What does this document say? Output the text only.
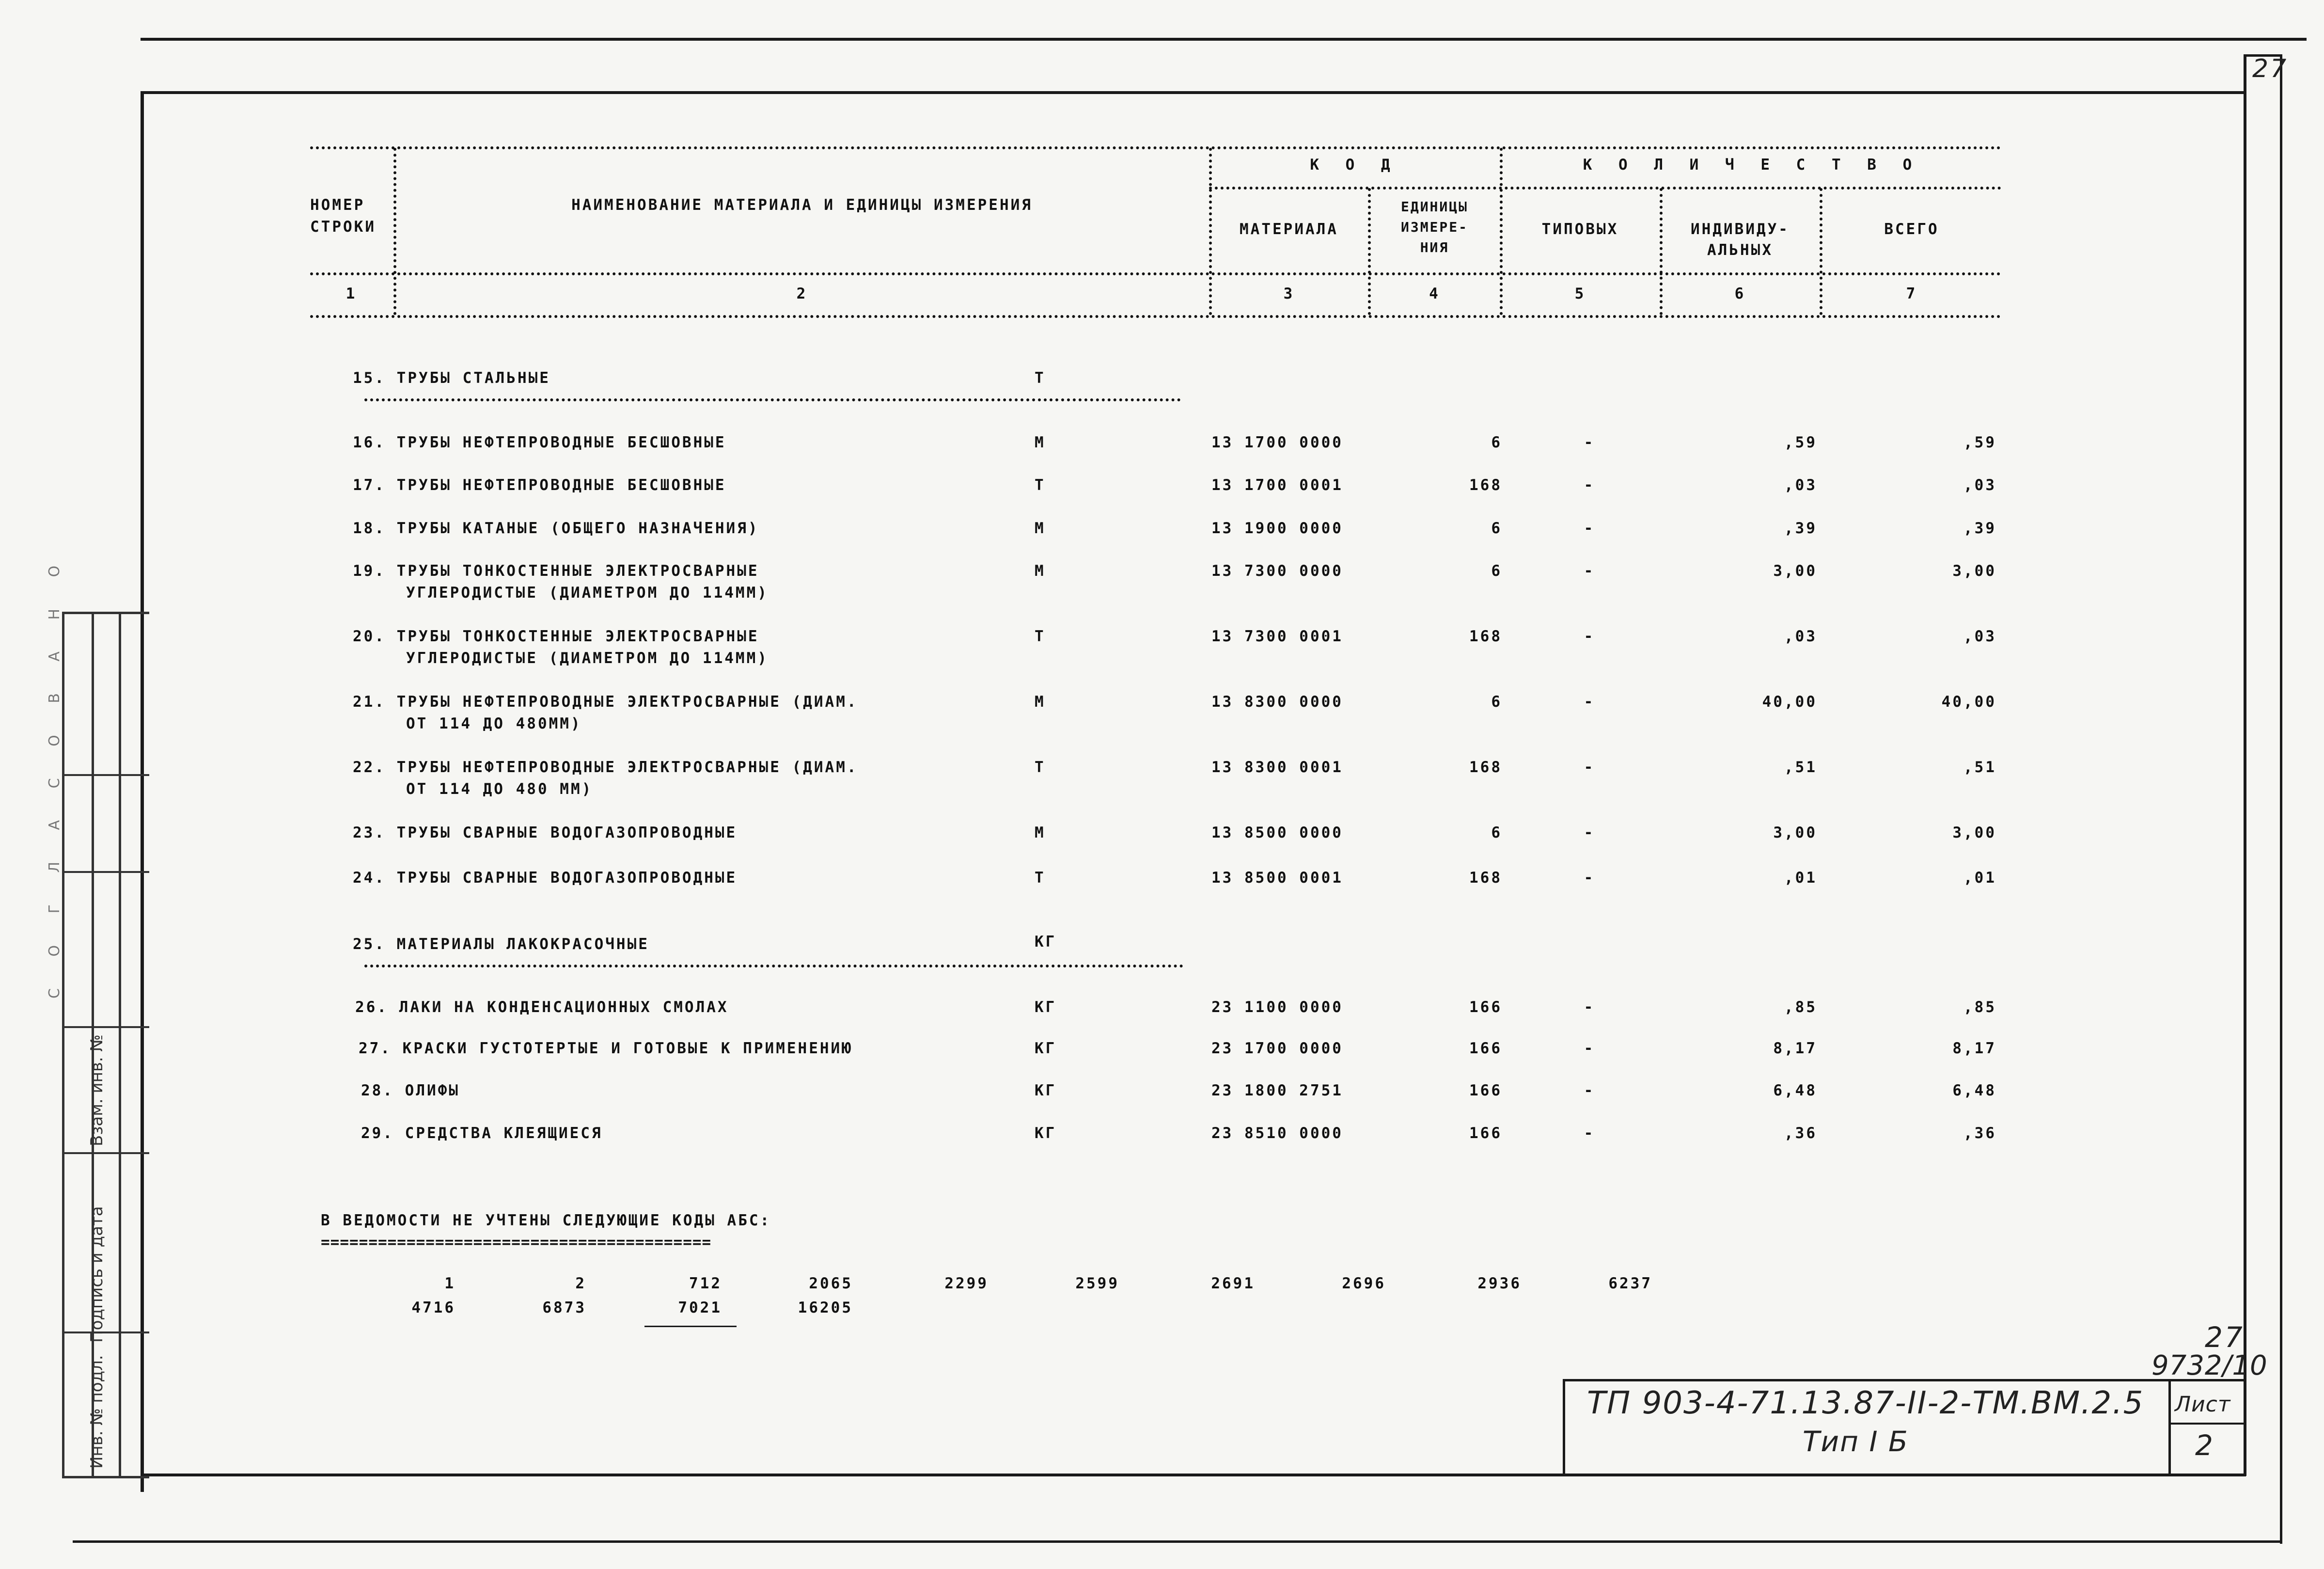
27
Инв. № подл.
Подпись и дата
Взам. инв. №
С О Г Л А С О В А Н О
НОМЕР
СТРОКИ
НАИМЕНОВАНИЕ МАТЕРИАЛА И ЕДИНИЦЫ ИЗМЕРЕНИЯ
К О Д	К О Л И Ч Е С Т В О
МАТЕРИАЛА
ЕДИНИЦЫ
ИЗМЕРЕ-
НИЯ
ТИПОВЫХ	ИНДИВИДУ-
АЛЬНЫХ
ВСЕГО
1	2	3	4	5	6	7
15. ТРУБЫ СТАЛЬНЫЕ	Т
16. ТРУБЫ НЕФТЕПРОВОДНЫЕ БЕСШОВНЫЕ	М	13 1700 0000	6	-	,59	,59
17. ТРУБЫ НЕФТЕПРОВОДНЫЕ БЕСШОВНЫЕ	Т	13 1700 0001	168	-	,03	,03
18. ТРУБЫ КАТАНЫЕ (ОБЩЕГО НАЗНАЧЕНИЯ)	М	13 1900 0000	6	-	,39	,39
19. ТРУБЫ ТОНКОСТЕННЫЕ ЭЛЕКТРОСВАРНЫЕ
УГЛЕРОДИСТЫЕ (ДИАМЕТРОМ ДО 114ММ)
М	13 7300 0000	6	-	3,00	3,00
20. ТРУБЫ ТОНКОСТЕННЫЕ ЭЛЕКТРОСВАРНЫЕ
УГЛЕРОДИСТЫЕ (ДИАМЕТРОМ ДО 114ММ)
Т	13 7300 0001	168	-	,03	,03
21. ТРУБЫ НЕФТЕПРОВОДНЫЕ ЭЛЕКТРОСВАРНЫЕ (ДИАМ.
ОТ 114 ДО 480ММ)
М	13 8300 0000	6	-	40,00	40,00
22. ТРУБЫ НЕФТЕПРОВОДНЫЕ ЭЛЕКТРОСВАРНЫЕ (ДИАМ.
ОТ 114 ДО 480 ММ)
Т	13 8300 0001	168	-	,51	,51
23. ТРУБЫ СВАРНЫЕ ВОДОГАЗОПРОВОДНЫЕ	М	13 8500 0000	6	-	3,00	3,00
24. ТРУБЫ СВАРНЫЕ ВОДОГАЗОПРОВОДНЫЕ	Т	13 8500 0001	168	-	,01	,01
25. МАТЕРИАЛЫ ЛАКОКРАСОЧНЫЕ	КГ
26. ЛАКИ НА КОНДЕНСАЦИОННЫХ СМОЛАХ	КГ	23 1100 0000	166	-	,85	,85
27. КРАСКИ ГУСТОТЕРТЫЕ И ГОТОВЫЕ К ПРИМЕНЕНИЮ	КГ	23 1700 0000	166	-	8,17	8,17
28. ОЛИФЫ	КГ	23 1800 2751	166	-	6,48	6,48
29. СРЕДСТВА КЛЕЯЩИЕСЯ	КГ	23 8510 0000	166	-	,36	,36
В ВЕДОМОСТИ НЕ УЧТЕНЫ СЛЕДУЮЩИЕ КОДЫ АБС:
=========================================
1	2	712	2065	2299	2599	2691	2696	2936	6237
4716	6873	7021	16205
ТП 903-4-71.13.87-II-2-ТМ.ВМ.2.5
Тип I Б
Лист
2
27
9732/10
